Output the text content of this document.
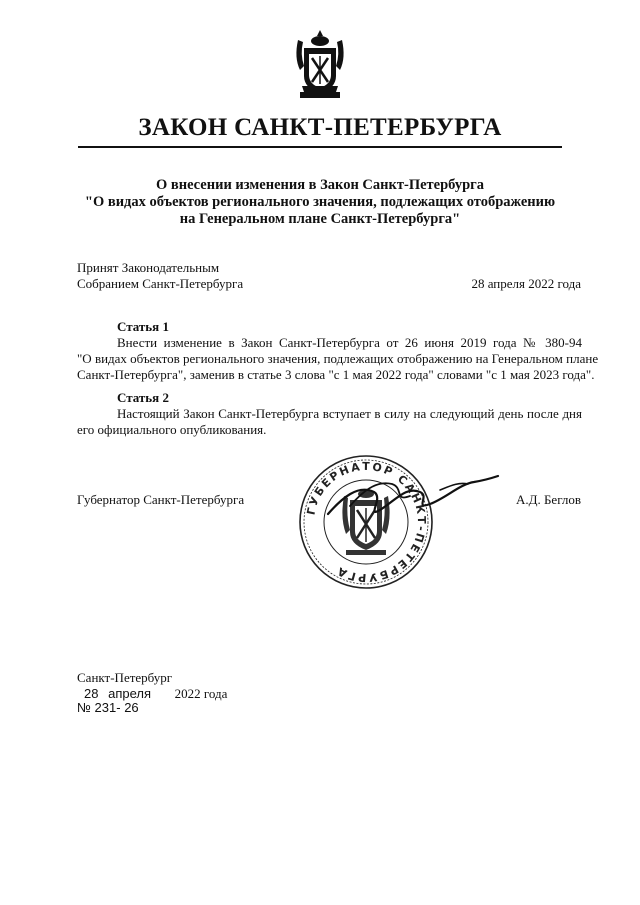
ЗАКОН САНКТ-ПЕТЕРБУРГА
О внесении изменения в Закон Санкт-Петербурга
"О видах объектов регионального значения, подлежащих отображению
на Генеральном плане Санкт-Петербурга"
Принят Законодательным
Собранием Санкт-Петербурга	28 апреля 2022 года
Статья 1
Внести изменение в Закон Санкт-Петербурга от 26 июня 2019 года № 380-94
"О видах объектов регионального значения, подлежащих отображению на Генеральном плане
Санкт-Петербурга", заменив в статье 3 слова "с 1 мая 2022 года" словами "с 1 мая 2023 года".
Статья 2
Настоящий Закон Санкт-Петербурга вступает в силу на следующий день после дня
его официального опубликования.
Губернатор Санкт-Петербурга	А.Д. Беглов
ГУБЕРНАТОР САНКТ-ПЕТЕРБУРГА
Санкт-Петербург
28 апреля 2022 года
№ 231- 26
